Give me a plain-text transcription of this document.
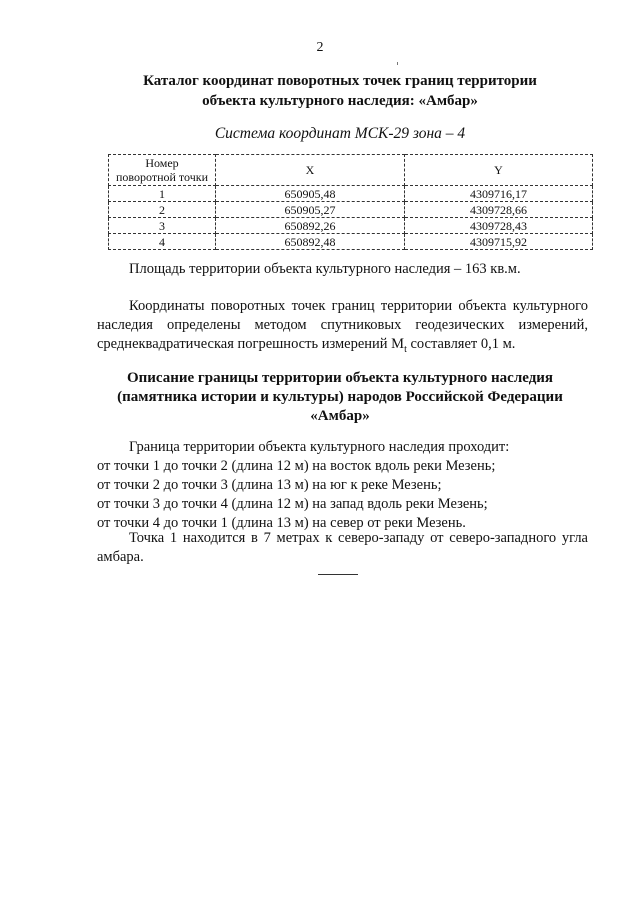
2
Каталог координат поворотных точек границ территории
объекта культурного наследия: «Амбар»
Система координат МСК-29 зона – 4
Номер
поворотной точки	X	Y
1	650905,48	4309716,17
2	650905,27	4309728,66
3	650892,26	4309728,43
4	650892,48	4309715,92
Площадь территории объекта культурного наследия – 163 кв.м.
Координаты поворотных точек границ территории объекта культурного наследия определены методом спутниковых геодезических измерений, среднеквадратическая погрешность измерений $M_t$ составляет 0,1 м.
Описание границы территории объекта культурного наследия
(памятника истории и культуры) народов Российской Федерации
«Амбар»
Граница территории объекта культурного наследия проходит:
от точки 1 до точки 2 (длина 12 м) на восток вдоль реки Мезень;
от точки 2 до точки 3 (длина 13 м) на юг к реке Мезень;
от точки 3 до точки 4 (длина 12 м) на запад вдоль реки Мезень;
от точки 4 до точки 1 (длина 13 м) на север от реки Мезень.
Точка 1 находится в 7 метрах к северо-западу от северо-западного угла амбара.
